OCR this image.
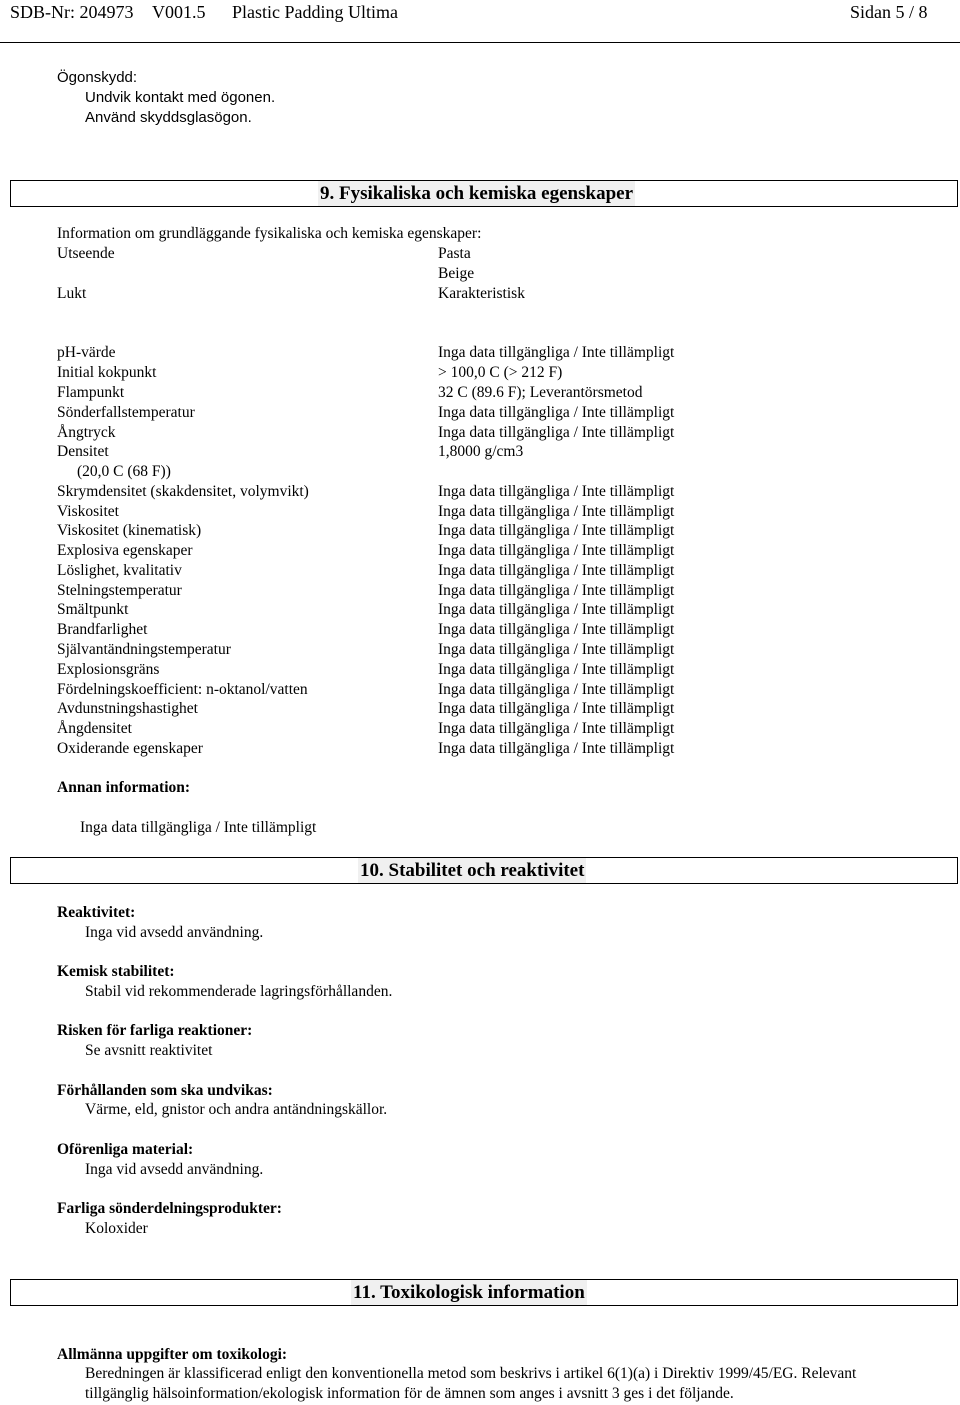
SDB-Nr: 204973 V001.5 Plastic Padding Ultima	Sidan 5 / 8
Ögonskydd:
Undvik kontakt med ögonen.
Använd skyddsglasögon.
9. Fysikaliska och kemiska egenskaper
Information om grundläggande fysikaliska och kemiska egenskaper:
Utseende	Pasta
Beige
Lukt	Karakteristisk
pH-värde	Inga data tillgängliga / Inte tillämpligt
Initial kokpunkt	> 100,0 C (> 212 F)
Flampunkt	32 C (89.6 F); Leverantörsmetod
Sönderfallstemperatur	Inga data tillgängliga / Inte tillämpligt
Ångtryck	Inga data tillgängliga / Inte tillämpligt
Densitet	1,8000 g/cm3
(20,0 C (68 F))
Skrymdensitet (skakdensitet, volymvikt)	Inga data tillgängliga / Inte tillämpligt
Viskositet	Inga data tillgängliga / Inte tillämpligt
Viskositet (kinematisk)	Inga data tillgängliga / Inte tillämpligt
Explosiva egenskaper	Inga data tillgängliga / Inte tillämpligt
Löslighet, kvalitativ	Inga data tillgängliga / Inte tillämpligt
Stelningstemperatur	Inga data tillgängliga / Inte tillämpligt
Smältpunkt	Inga data tillgängliga / Inte tillämpligt
Brandfarlighet	Inga data tillgängliga / Inte tillämpligt
Självantändningstemperatur	Inga data tillgängliga / Inte tillämpligt
Explosionsgräns	Inga data tillgängliga / Inte tillämpligt
Fördelningskoefficient: n-oktanol/vatten	Inga data tillgängliga / Inte tillämpligt
Avdunstningshastighet	Inga data tillgängliga / Inte tillämpligt
Ångdensitet	Inga data tillgängliga / Inte tillämpligt
Oxiderande egenskaper	Inga data tillgängliga / Inte tillämpligt
Annan information:
Inga data tillgängliga / Inte tillämpligt
10. Stabilitet och reaktivitet
Reaktivitet:
Inga vid avsedd användning.
Kemisk stabilitet:
Stabil vid rekommenderade lagringsförhållanden.
Risken för farliga reaktioner:
Se avsnitt reaktivitet
Förhållanden som ska undvikas:
Värme, eld, gnistor och andra antändningskällor.
Oförenliga material:
Inga vid avsedd användning.
Farliga sönderdelningsprodukter:
Koloxider
11. Toxikologisk information
Allmänna uppgifter om toxikologi:
Beredningen är klassificerad enligt den konventionella metod som beskrivs i artikel 6(1)(a) i Direktiv 1999/45/EG. Relevant
tillgänglig hälsoinformation/ekologisk information för de ämnen som anges i avsnitt 3 ges i det följande.
